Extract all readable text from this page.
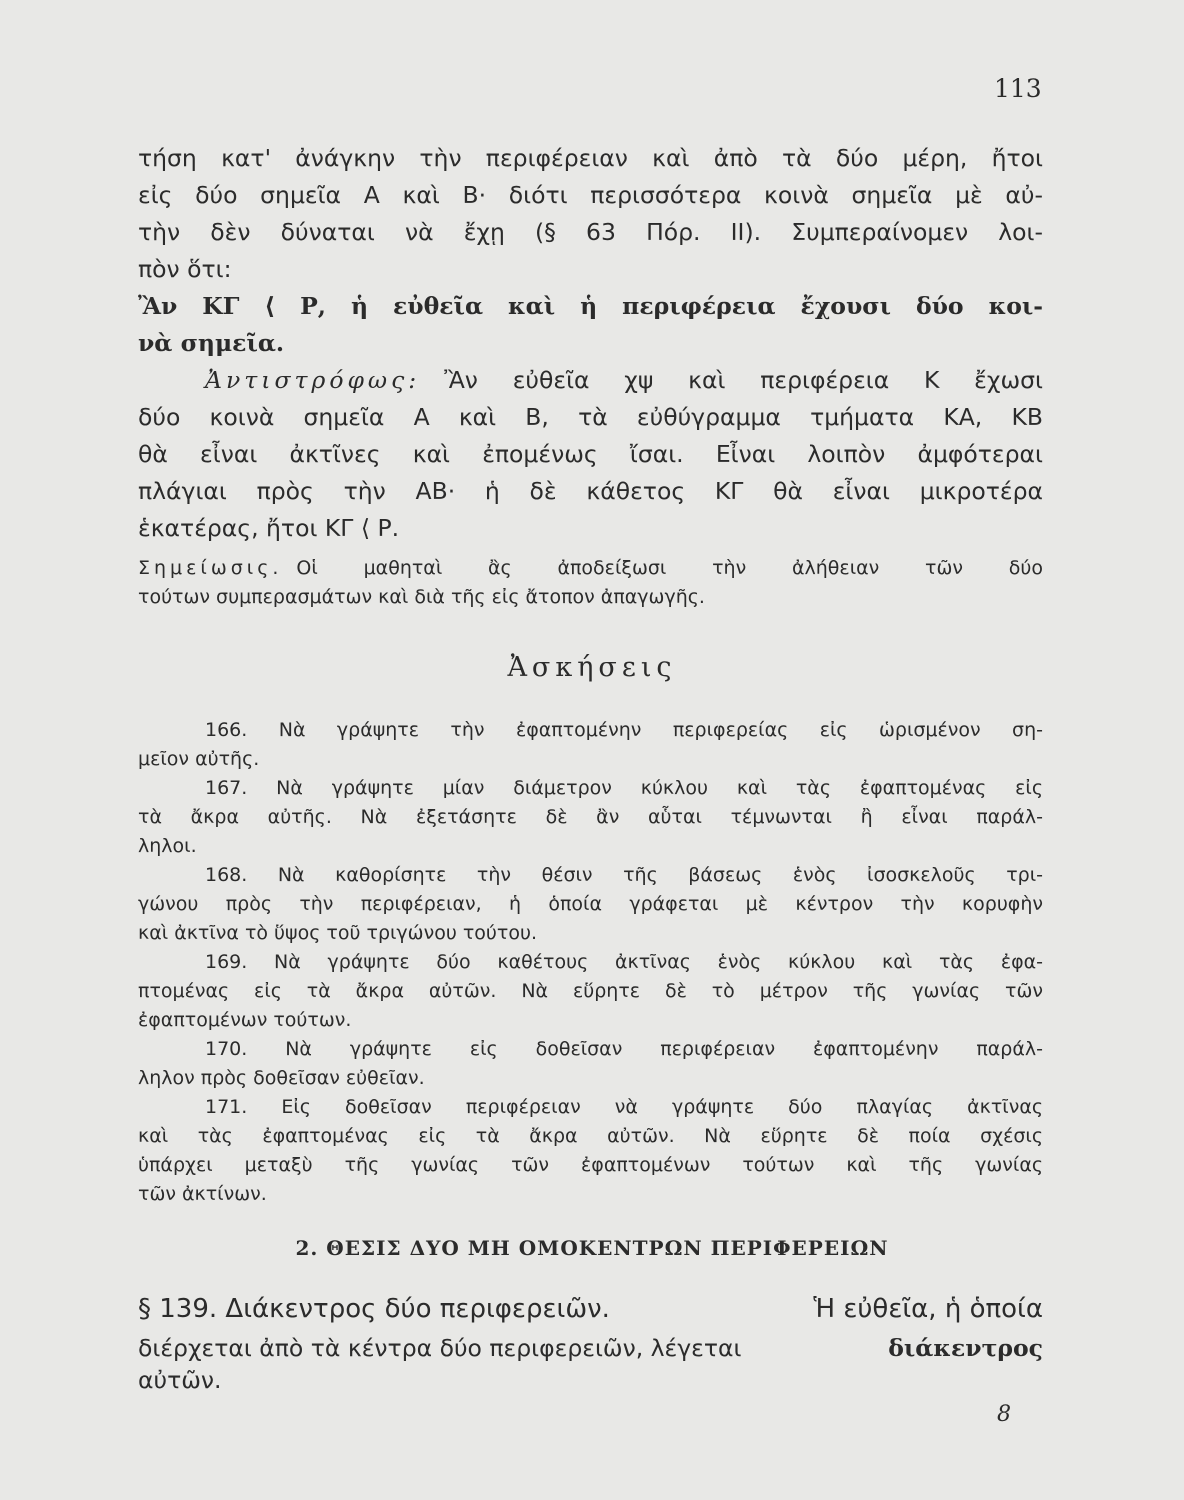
113
τήση κατ' ἀνάγκην τὴν περιφέρειαν καὶ ἀπὸ τὰ δύο μέρη, ἤτοι
εἰς δύο σημεῖα Α καὶ Β· διότι περισσότερα κοινὰ σημεῖα μὲ αὐ-
τὴν δὲν δύναται νὰ ἔχῃ (§ 63 Πόρ. ΙΙ). Συμπεραίνομεν λοι-
πὸν ὅτι:
Ἂν ΚΓ ⟨ Ρ, ἡ εὐθεῖα καὶ ἡ περιφέρεια ἔχουσι δύο κοι-
νὰ σημεῖα.
Ἀντιστρόφως: Ἂν εὐθεῖα χψ καὶ περιφέρεια Κ ἔχωσι
δύο κοινὰ σημεῖα Α καὶ Β, τὰ εὐθύγραμμα τμήματα ΚΑ, ΚΒ
θὰ εἶναι ἀκτῖνες καὶ ἐπομένως ἴσαι. Εἶναι λοιπὸν ἀμφότεραι
πλάγιαι πρὸς τὴν ΑΒ· ἡ δὲ κάθετος ΚΓ θὰ εἶναι μικροτέρα
ἑκατέρας, ἤτοι ΚΓ ⟨ Ρ.
Σημείωσις. Οἱ μαθηταὶ ἂς ἀποδείξωσι τὴν ἀλήθειαν τῶν δύο
τούτων συμπερασμάτων καὶ διὰ τῆς εἰς ἄτοπον ἀπαγωγῆς.
Ἀσκήσεις
166. Νὰ γράψητε τὴν ἐφαπτομένην περιφερείας εἰς ὡρισμένον ση-
μεῖον αὐτῆς.
167. Νὰ γράψητε μίαν διάμετρον κύκλου καὶ τὰς ἐφαπτομένας εἰς
τὰ ἄκρα αὐτῆς. Νὰ ἐξετάσητε δὲ ἂν αὗται τέμνωνται ἢ εἶναι παράλ-
ληλοι.
168. Νὰ καθορίσητε τὴν θέσιν τῆς βάσεως ἑνὸς ἰσοσκελοῦς τρι-
γώνου πρὸς τὴν περιφέρειαν, ἡ ὁποία γράφεται μὲ κέντρον τὴν κορυφὴν
καὶ ἀκτῖνα τὸ ὕψος τοῦ τριγώνου τούτου.
169. Νὰ γράψητε δύο καθέτους ἀκτῖνας ἑνὸς κύκλου καὶ τὰς ἐφα-
πτομένας εἰς τὰ ἄκρα αὐτῶν. Νὰ εὕρητε δὲ τὸ μέτρον τῆς γωνίας τῶν
ἐφαπτομένων τούτων.
170. Νὰ γράψητε εἰς δοθεῖσαν περιφέρειαν ἐφαπτομένην παράλ-
ληλον πρὸς δοθεῖσαν εὐθεῖαν.
171. Εἰς δοθεῖσαν περιφέρειαν νὰ γράψητε δύο πλαγίας ἀκτῖνας
καὶ τὰς ἐφαπτομένας εἰς τὰ ἄκρα αὐτῶν. Νὰ εὕρητε δὲ ποία σχέσις
ὑπάρχει μεταξὺ τῆς γωνίας τῶν ἐφαπτομένων τούτων καὶ τῆς γωνίας
τῶν ἀκτίνων.
2. ΘΕΣΙΣ ΔΥΟ ΜΗ ΟΜΟΚΕΝΤΡΩΝ ΠΕΡΙΦΕΡΕΙΩΝ
§ 139. Διάκεντρος δύο περιφερειῶν.	Ἡ εὐθεῖα, ἡ ὁποία
διέρχεται ἀπὸ τὰ κέντρα δύο περιφερειῶν, λέγεται	διάκεντρος
αὐτῶν.
8
